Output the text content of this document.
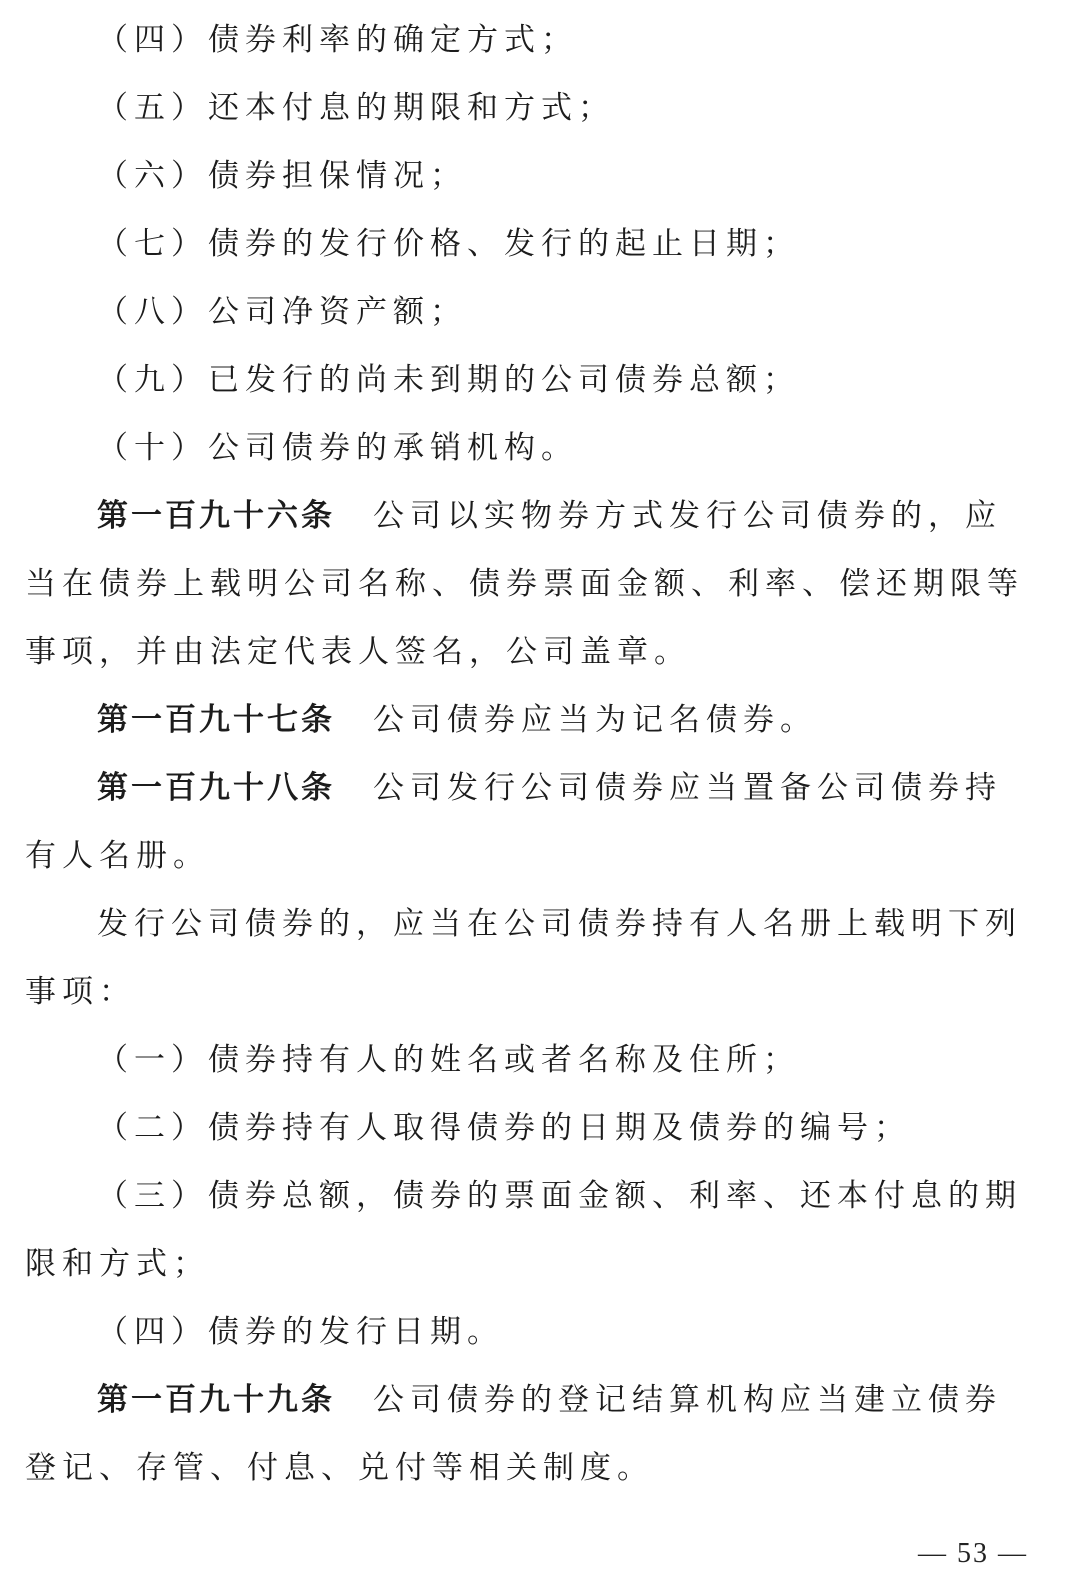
（四）债券利率的确定方式；

（五）还本付息的期限和方式；

（六）债券担保情况；

（七）债券的发行价格、发行的起止日期；

（八）公司净资产额；

（九）已发行的尚未到期的公司债券总额；

（十）公司债券的承销机构。

第一百九十六条 公司以实物券方式发行公司债券的，应当在债券上载明公司名称、债券票面金额、利率、偿还期限等事项，并由法定代表人签名，公司盖章。

第一百九十七条 公司债券应当为记名债券。

第一百九十八条 公司发行公司债券应当置备公司债券持有人名册。

发行公司债券的，应当在公司债券持有人名册上载明下列事项：

（一）债券持有人的姓名或者名称及住所；

（二）债券持有人取得债券的日期及债券的编号；

（三）债券总额，债券的票面金额、利率、还本付息的期限和方式；

（四）债券的发行日期。

第一百九十九条 公司债券的登记结算机构应当建立债券登记、存管、付息、兑付等相关制度。

— 53 —
